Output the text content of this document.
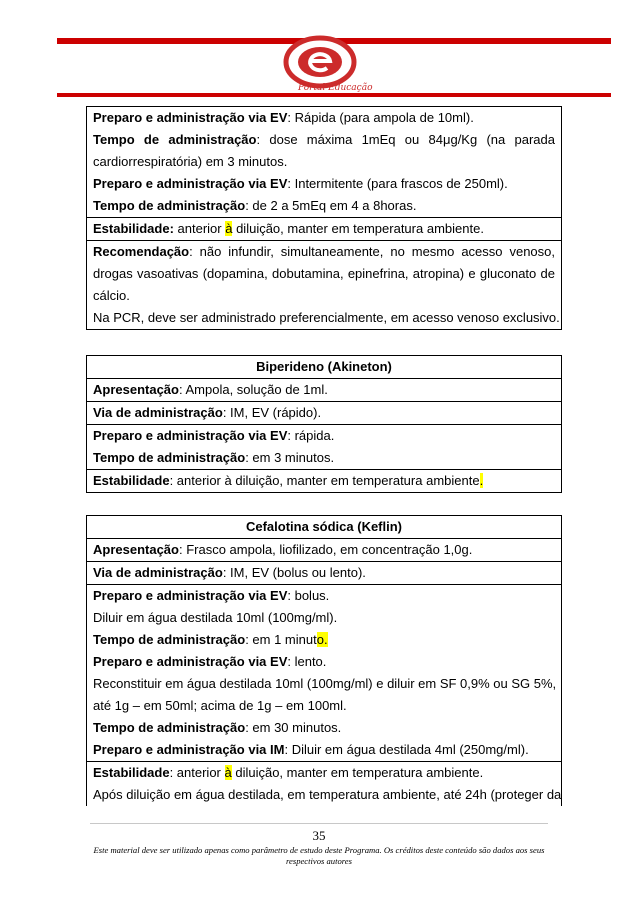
Portal Educação
Preparo e administração via EV: Rápida (para ampola de 10ml).
Tempo de administração: dose máxima 1mEq ou 84μg/Kg (na parada
cardiorrespiratória) em 3 minutos.
Preparo e administração via EV: Intermitente (para frascos de 250ml).
Tempo de administração: de 2 a 5mEq em 4 a 8horas.
Estabilidade: anterior à diluição, manter em temperatura ambiente.
Recomendação: não infundir, simultaneamente, no mesmo acesso venoso,
drogas vasoativas (dopamina, dobutamina, epinefrina, atropina) e gluconato de
cálcio.
Na PCR, deve ser administrado preferencialmente, em acesso venoso exclusivo.
Biperideno (Akineton)
Apresentação: Ampola, solução de 1ml.
Via de administração: IM, EV (rápido).
Preparo e administração via EV: rápida.
Tempo de administração: em 3 minutos.
Estabilidade: anterior à diluição, manter em temperatura ambiente.
Cefalotina sódica (Keflin)
Apresentação: Frasco ampola, liofilizado, em concentração 1,0g.
Via de administração: IM, EV (bolus ou lento).
Preparo e administração via EV: bolus.
Diluir em água destilada 10ml (100mg/ml).
Tempo de administração: em 1 minuto.
Preparo e administração via EV: lento.
Reconstituir em água destilada 10ml (100mg/ml) e diluir em SF 0,9% ou SG 5%,
até 1g – em 50ml; acima de 1g – em 100ml.
Tempo de administração: em 30 minutos.
Preparo e administração via IM: Diluir em água destilada 4ml (250mg/ml).
Estabilidade: anterior à diluição, manter em temperatura ambiente.
Após diluição em água destilada, em temperatura ambiente, até 24h (proteger da
35
Este material deve ser utilizado apenas como parâmetro de estudo deste Programa. Os créditos deste conteúdo são dados aos seus respectivos autores
